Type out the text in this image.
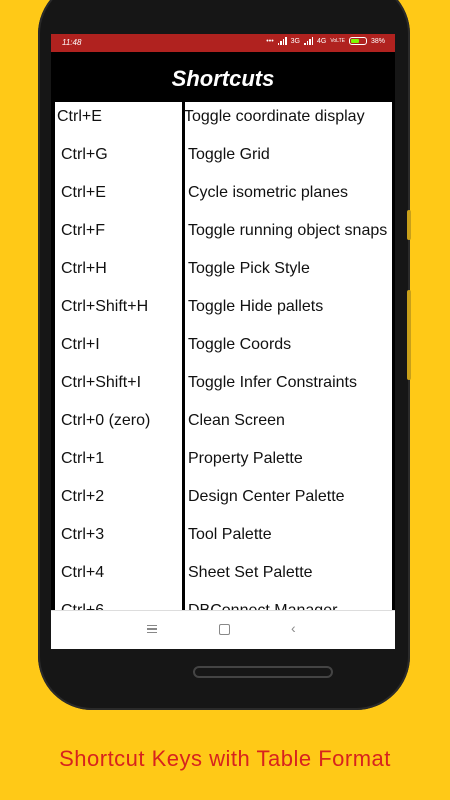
11:48	••• 3G 4G VoLTE	38%
Shortcuts
Ctrl+E	Toggle coordinate display
Ctrl+G	Toggle Grid
Ctrl+E	Cycle isometric planes
Ctrl+F	Toggle running object snaps
Ctrl+H	Toggle Pick Style
Ctrl+Shift+H Toggle Hide pallets
Ctrl+I	Toggle Coords
Ctrl+Shift+I	Toggle Infer Constraints
Ctrl+0 (zero) Clean Screen
Ctrl+1	Property Palette
Ctrl+2	Design Center Palette
Ctrl+3	Tool Palette
Ctrl+4	Sheet Set Palette
‹
Shortcut Keys with Table Format
